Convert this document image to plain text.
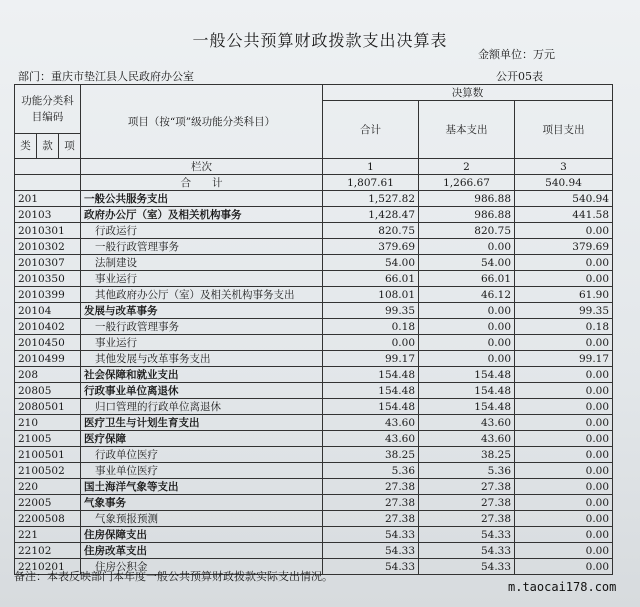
一般公共预算财政拨款支出决算表
金额单位：万元
部门：重庆市垫江县人民政府办公室	公开05表
功能分类科目编码			项目（按“项”级功能分类科目）	决算数		
				合计	基本支出	项目支出
类	款	项				
			栏次	1	2	3
			合　　计	1,807.61	1,266.67	540.94
201			一般公共服务支出	1,527.82	986.88	540.94
20103			政府办公厅（室）及相关机构事务	1,428.47	986.88	441.58
2010301			行政运行	820.75	820.75	0.00
2010302			一般行政管理事务	379.69	0.00	379.69
2010307			法制建设	54.00	54.00	0.00
2010350			事业运行	66.01	66.01	0.00
2010399			其他政府办公厅（室）及相关机构事务支出	108.01	46.12	61.90
20104			发展与改革事务	99.35	0.00	99.35
2010402			一般行政管理事务	0.18	0.00	0.18
2010450			事业运行	0.00	0.00	0.00
2010499			其他发展与改革事务支出	99.17	0.00	99.17
208			社会保障和就业支出	154.48	154.48	0.00
20805			行政事业单位离退休	154.48	154.48	0.00
2080501			归口管理的行政单位离退休	154.48	154.48	0.00
210			医疗卫生与计划生育支出	43.60	43.60	0.00
21005			医疗保障	43.60	43.60	0.00
2100501			行政单位医疗	38.25	38.25	0.00
2100502			事业单位医疗	5.36	5.36	0.00
220			国土海洋气象等支出	27.38	27.38	0.00
22005			气象事务	27.38	27.38	0.00
2200508			气象预报预测	27.38	27.38	0.00
221			住房保障支出	54.33	54.33	0.00
22102			住房改革支出	54.33	54.33	0.00
2210201			住房公积金	54.33	54.33	0.00
备注：本表反映部门本年度一般公共预算财政拨款实际支出情况。
m.taocai178.com
